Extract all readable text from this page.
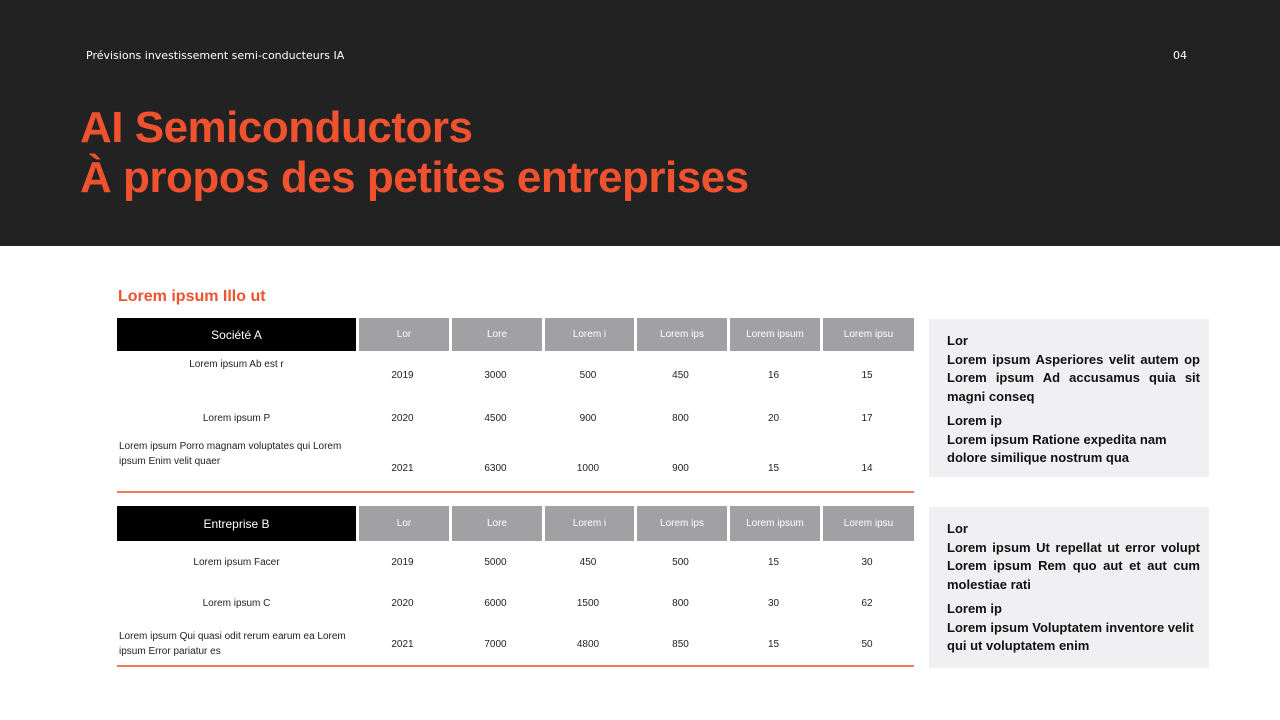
Prévisions investissement semi-conducteurs IA	04
AI Semiconductors
À propos des petites entreprises
Lorem ipsum Illo ut
Société A	Lor	Lore	Lorem i	Lorem ips	Lorem ipsum	Lorem ipsu
Lorem ipsum Ab est r	2019	3000	500	450	16	15
Lorem ipsum P	2020	4500	900	800	20	17
Lorem ipsum Porro magnam voluptates qui Lorem ipsum Enim velit quaer	2021	6300	1000	900	15	14
Lor
Lorem ipsum Asperiores velit autem op Lorem ipsum Ad accusamus quia sit magni conseq
Lorem ip
Lorem ipsum Ratione expedita nam dolore similique nostrum qua
Entreprise B	Lor	Lore	Lorem i	Lorem ips	Lorem ipsum	Lorem ipsu
Lorem ipsum Facer	2019	5000	450	500	15	30
Lorem ipsum C	2020	6000	1500	800	30	62
Lorem ipsum Qui quasi odit rerum earum ea Lorem ipsum Error pariatur es	2021	7000	4800	850	15	50
Lor
Lorem ipsum Ut repellat ut error volupt Lorem ipsum Rem quo aut et aut cum molestiae rati
Lorem ip
Lorem ipsum Voluptatem inventore velit qui ut voluptatem enim
